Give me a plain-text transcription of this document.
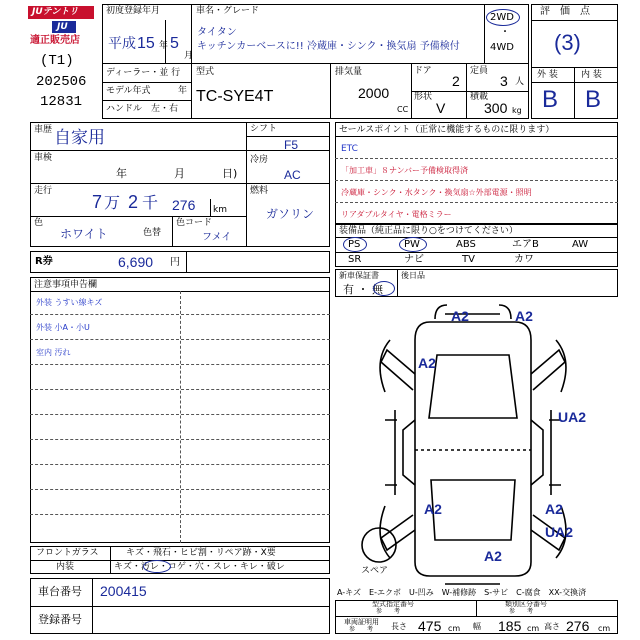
JUテントリ
JU
適正販売店
(T1)
202506
12831
初度登録年月
平成 15 年 5
月
車名・グレード
タイタン
キッチンカーベースに!! 冷蔵庫・シンク・換気扇 予備検付
2WD
・
4WD
ディーラー・並 行
モデル年式	年
ハンドル　左・右
型式
TC-SYE4T
排気量
2000
CC
ドア
2
形状
V
定員
3 人
積載
300 kg
評　価　点
(3)
外 装	内 装
B B
車歴 自家用
車検
年	月	日)
走行
7 万 2 千 276 km
色
ホワイト	色替
色コード
フメイ
シフト
F5
冷房
AC
燃料
ガソリン
R券	6,690 円
注意事項申告欄
外装 うすい線キズ
外装 小A・小U
室内 汚れ
フロントガラス	キズ・飛石・ヒビ割・リペア跡・X要
内装	キズ・汚レ・コゲ・穴・スレ・キレ・破レ
車台番号 200415
登録番号
セールスポイント（正常に機能するものに限ります）
ETC
「加工車」８ナンバー予備検取得済
冷蔵庫・シンク・水タンク・換気扇☆外部電源・照明
リアダブルタイヤ・電格ミラー
装備品（純正品に限り○をつけてください）
PS	PW	ABS	エアB	AW
SR	ナビ	TV	カワ
新車保証書
有 ・ 無
後日品
スペア
A2	A2
A2
UA2
A2	A2
UA2
A2
A-キズ　E-エクボ　U-凹み　W-補修跡　S-サビ　C-腐食　XX-交換済
型式指定番号
参　　考
類別区分番号
参　　考
車両証明用
参　　考 長さ 475 cm 幅 185 cm 高さ 276 cm
